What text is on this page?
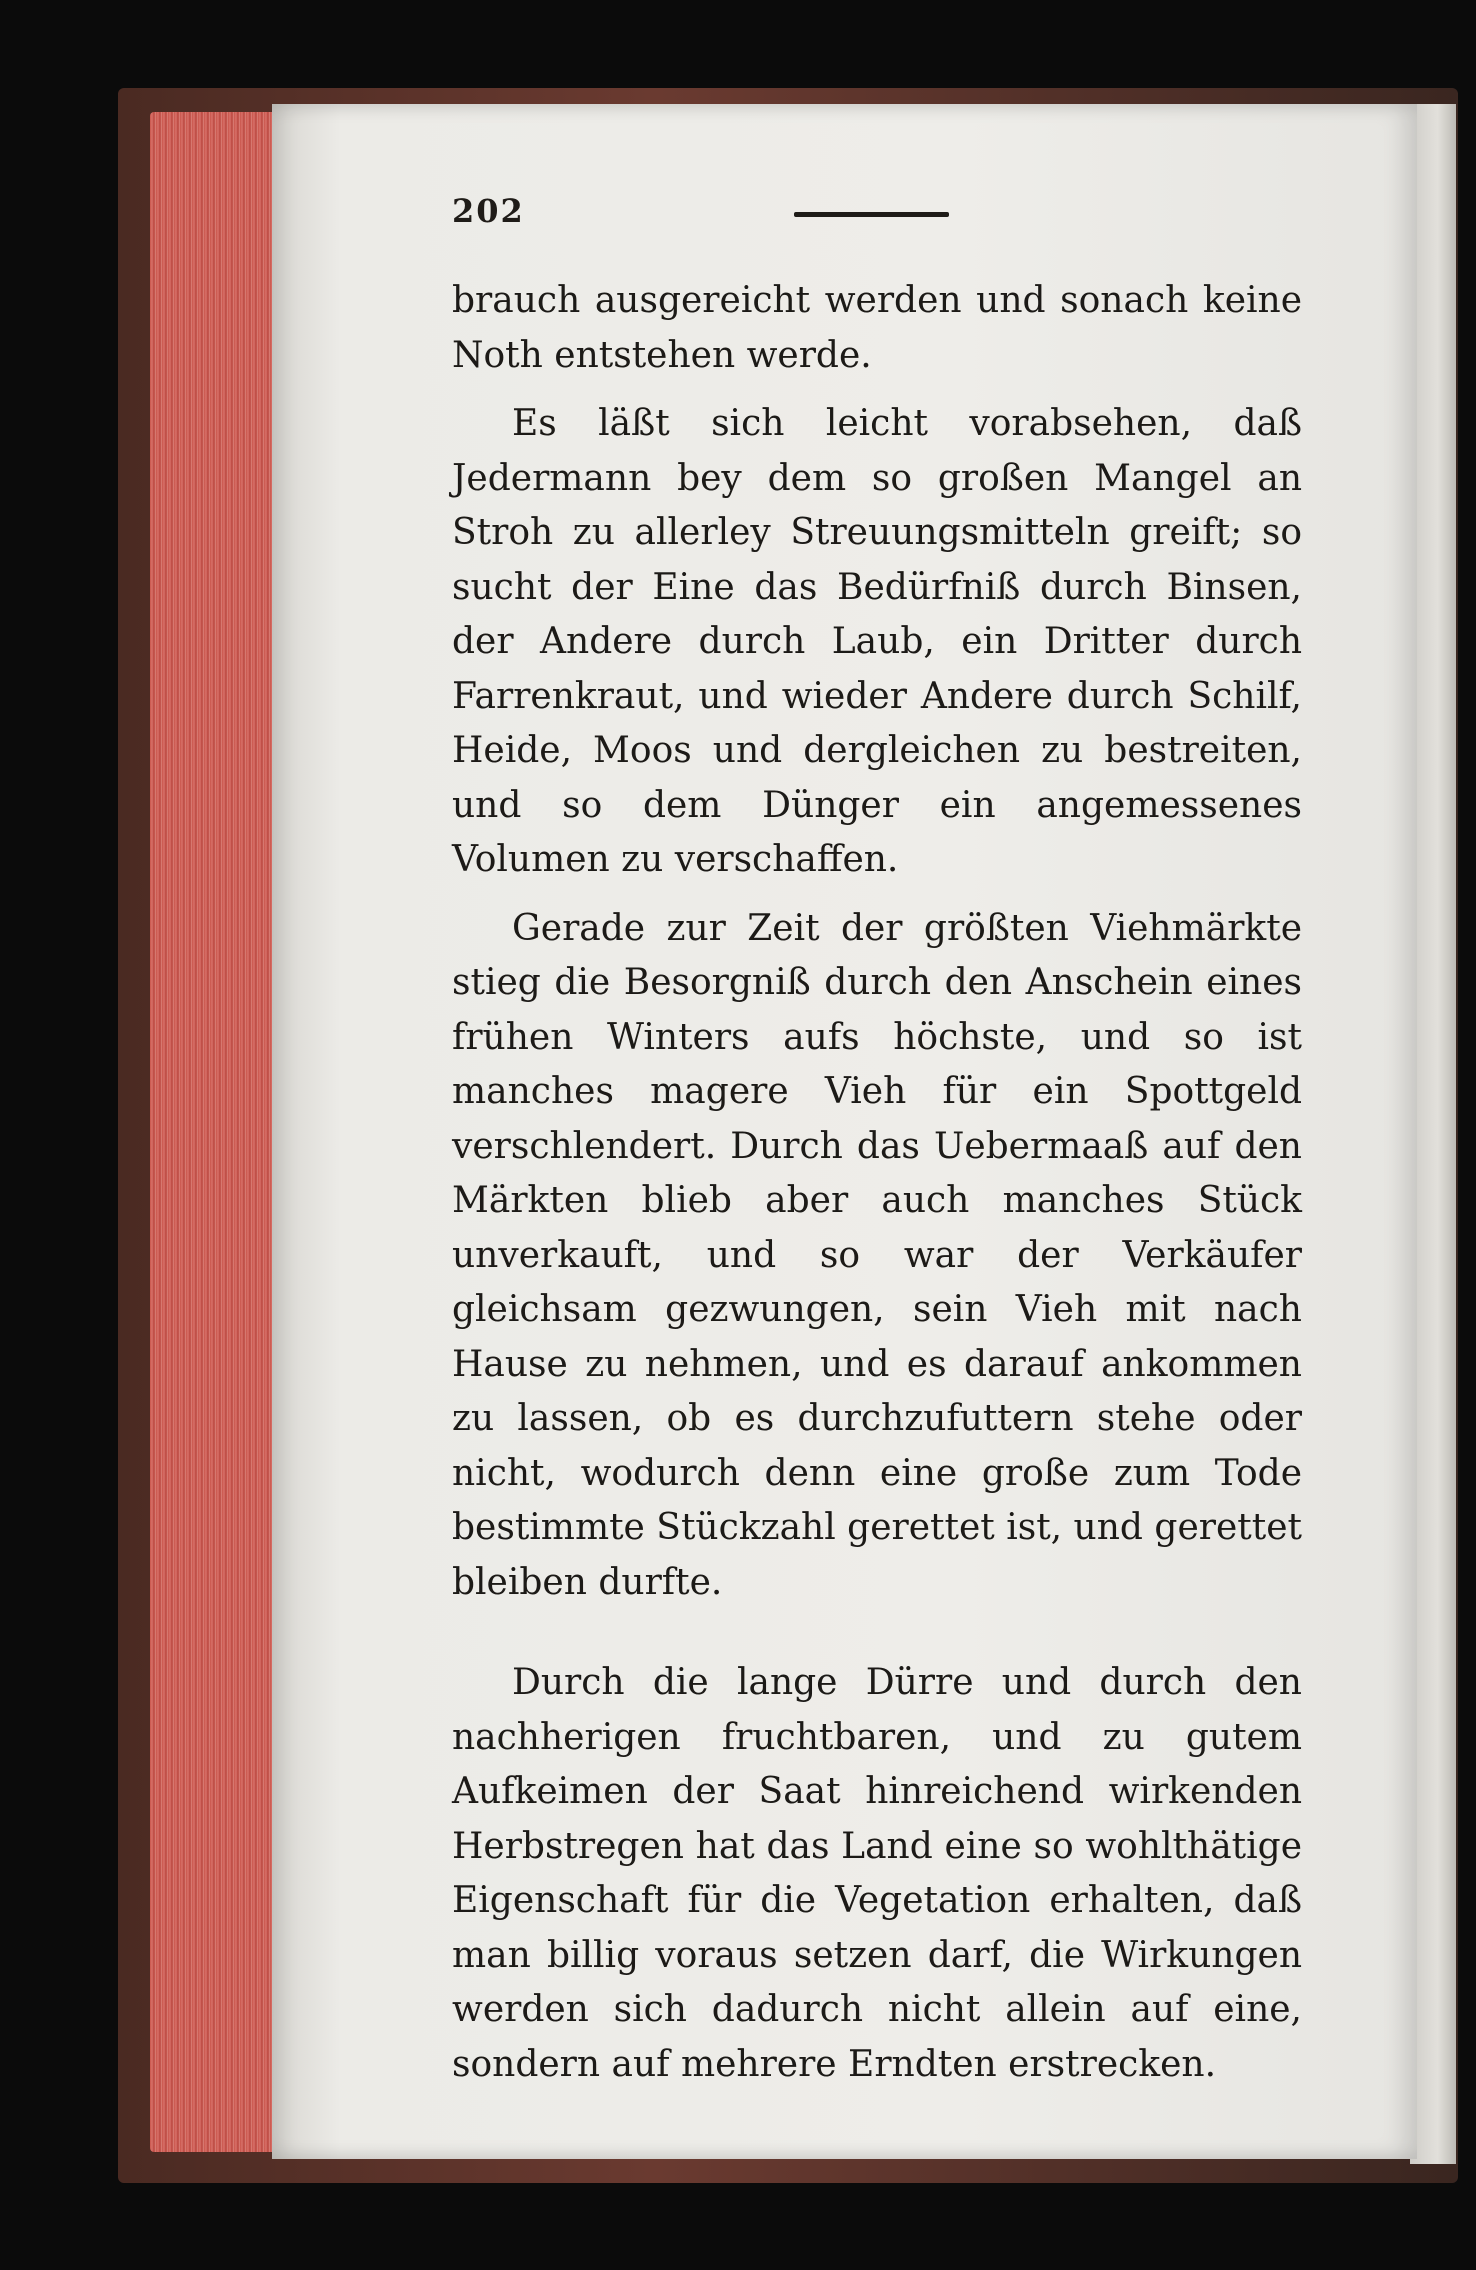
202

brauch ausgereicht werden und sonach keine Noth entstehen werde.

Es läßt sich leicht vorabsehen, daß Jedermann bey dem so großen Mangel an Stroh zu allerley Streuungsmitteln greift; so sucht der Eine das Bedürfniß durch Binsen, der Andere durch Laub, ein Dritter durch Farrenkraut, und wieder Andere durch Schilf, Heide, Moos und dergleichen zu bestreiten, und so dem Dünger ein angemessenes Volumen zu verschaffen.

Gerade zur Zeit der größten Viehmärkte stieg die Besorgniß durch den Anschein eines frühen Winters aufs höchste, und so ist manches magere Vieh für ein Spottgeld verschlendert. Durch das Uebermaaß auf den Märkten blieb aber auch manches Stück unverkauft, und so war der Verkäufer gleichsam gezwungen, sein Vieh mit nach Hause zu nehmen, und es darauf ankommen zu lassen, ob es durchzufuttern stehe oder nicht, wodurch denn eine große zum Tode bestimmte Stückzahl gerettet ist, und gerettet bleiben durfte.

Durch die lange Dürre und durch den nachherigen fruchtbaren, und zu gutem Aufkeimen der Saat hinreichend wirkenden Herbstregen hat das Land eine so wohlthätige Eigenschaft für die Vegetation erhalten, daß man billig voraus setzen darf, die Wirkungen werden sich dadurch nicht allein auf eine, sondern auf mehrere Erndten erstrecken.
